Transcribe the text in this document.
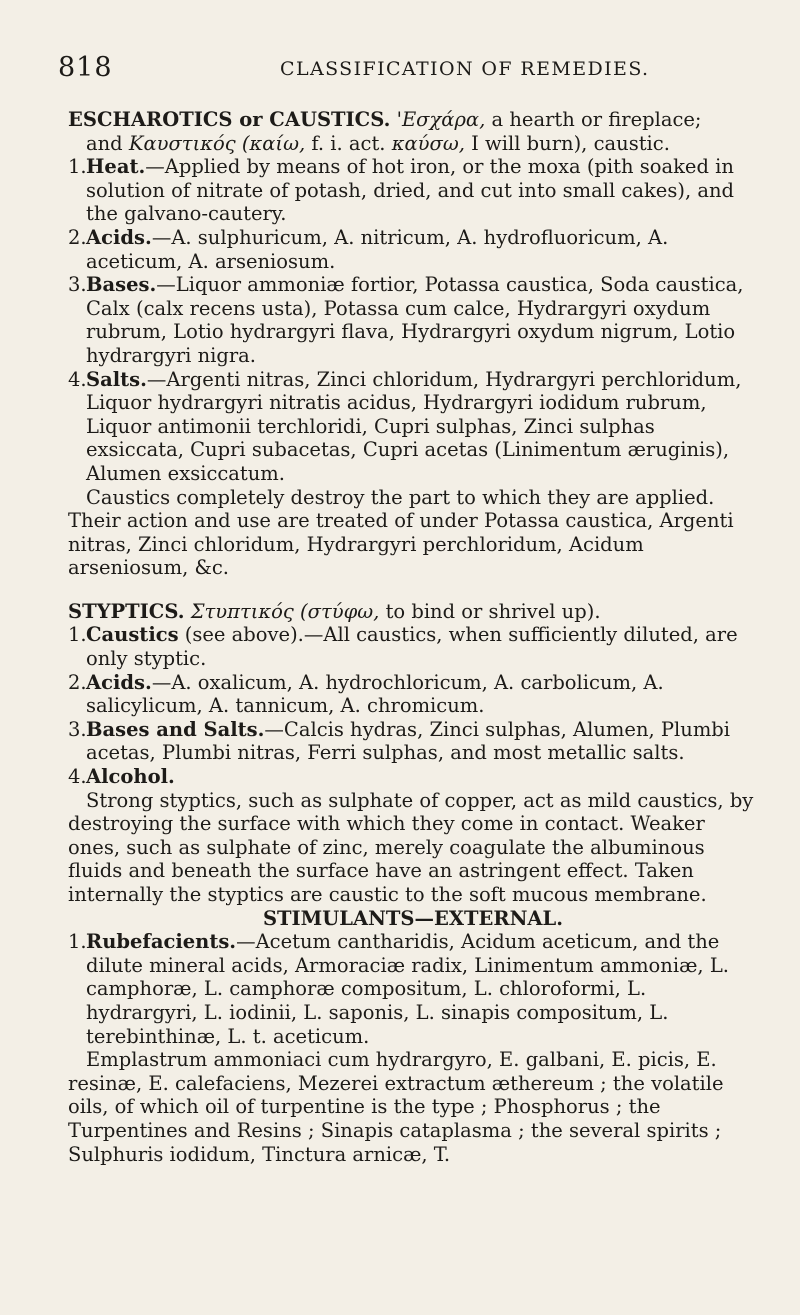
818	CLASSIFICATION OF REMEDIES.

ESCHAROTICS or CAUSTICS. 'Εσχάρα, a hearth or fireplace;
and Καυστικός (καίω, f. i. act. καύσω, I will burn), caustic.

1.Heat.—Applied by means of hot iron, or the moxa (pith soaked in solution of nitrate of potash, dried, and cut into small cakes), and the galvano-cautery.

2.Acids.—A. sulphuricum, A. nitricum, A. hydrofluoricum, A. aceticum, A. arseniosum.

3.Bases.—Liquor ammoniæ fortior, Potassa caustica, Soda caustica, Calx (calx recens usta), Potassa cum calce, Hydrargyri oxydum rubrum, Lotio hydrargyri flava, Hydrargyri oxydum nigrum, Lotio hydrargyri nigra.

4.Salts.—Argenti nitras, Zinci chloridum, Hydrargyri perchloridum, Liquor hydrargyri nitratis acidus, Hydrargyri iodidum rubrum, Liquor antimonii terchloridi, Cupri sulphas, Zinci sulphas exsiccata, Cupri subacetas, Cupri acetas (Linimentum æruginis), Alumen exsiccatum.

Caustics completely destroy the part to which they are applied. Their action and use are treated of under Potassa caustica, Argenti nitras, Zinci chloridum, Hydrargyri perchloridum, Acidum arseniosum, &c.

STYPTICS. Στυπτικός (στύφω, to bind or shrivel up).

1.Caustics (see above).—All caustics, when sufficiently diluted, are only styptic.

2.Acids.—A. oxalicum, A. hydrochloricum, A. carbolicum, A. salicylicum, A. tannicum, A. chromicum.

3.Bases and Salts.—Calcis hydras, Zinci sulphas, Alumen, Plumbi acetas, Plumbi nitras, Ferri sulphas, and most metallic salts.

4.Alcohol.

Strong styptics, such as sulphate of copper, act as mild caustics, by destroying the surface with which they come in contact. Weaker ones, such as sulphate of zinc, merely coagulate the albuminous fluids and beneath the surface have an astringent effect. Taken internally the styptics are caustic to the soft mucous membrane.

STIMULANTS—EXTERNAL.

1.Rubefacients.—Acetum cantharidis, Acidum aceticum, and the dilute mineral acids, Armoraciæ radix, Linimentum ammoniæ, L. camphoræ, L. camphoræ compositum, L. chloroformi, L. hydrargyri, L. iodinii, L. saponis, L. sinapis compositum, L. terebinthinæ, L. t. aceticum.

Emplastrum ammoniaci cum hydrargyro, E. galbani, E. picis, E. resinæ, E. calefaciens, Mezerei extractum æthereum ; the volatile oils, of which oil of turpentine is the type ; Phosphorus ; the Turpentines and Resins ; Sinapis cataplasma ; the several spirits ; Sulphuris iodidum, Tinctura arnicæ, T.
